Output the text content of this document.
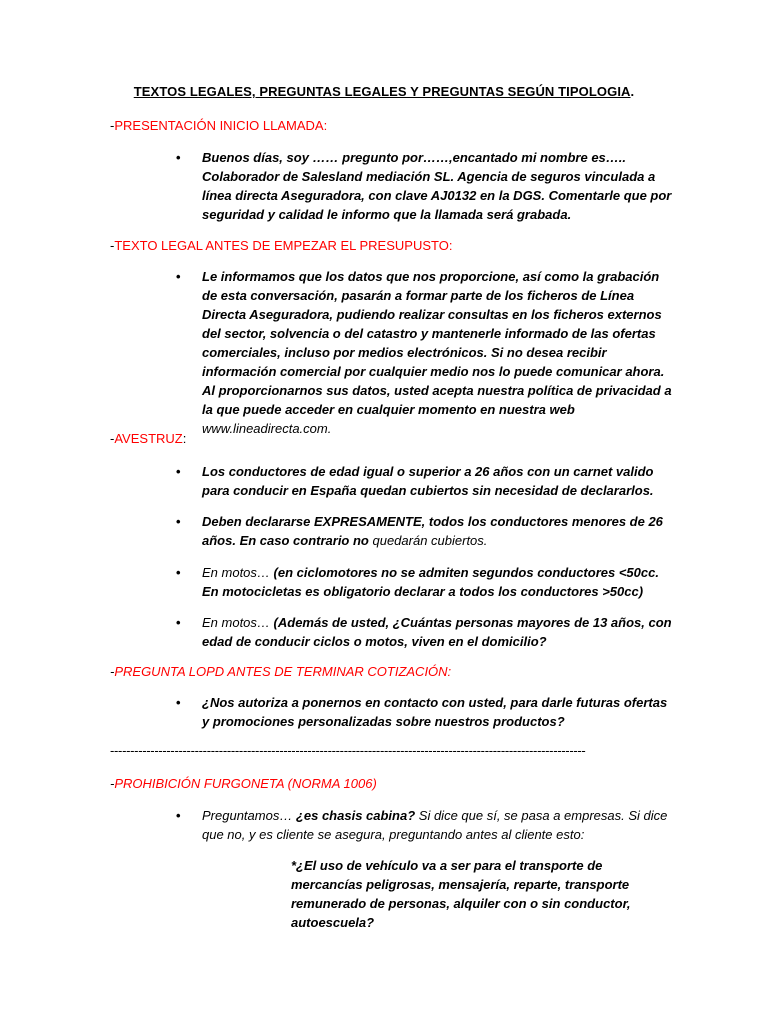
TEXTOS LEGALES, PREGUNTAS LEGALES Y PREGUNTAS SEGÚN TIPOLOGIA.
-PRESENTACIÓN INICIO LLAMADA:
• Buenos días, soy …… pregunto por……,encantado mi nombre es….. Colaborador de Salesland mediación SL. Agencia de seguros vinculada a línea directa Aseguradora, con clave AJ0132 en la DGS. Comentarle que por seguridad y calidad le informo que la llamada será grabada.
-TEXTO LEGAL ANTES DE EMPEZAR EL PRESUPUSTO:
• Le informamos que los datos que nos proporcione, así como la grabación de esta conversación, pasarán a formar parte de los ficheros de Línea Directa Aseguradora, pudiendo realizar consultas en los ficheros externos del sector, solvencia o del catastro y mantenerle informado de las ofertas comerciales, incluso por medios electrónicos. Si no desea recibir información comercial por cualquier medio nos lo puede comunicar ahora. Al proporcionarnos sus datos, usted acepta nuestra política de privacidad a la que puede acceder en cualquier momento en nuestra web www.lineadirecta.com.
-AVESTRUZ:
• Los conductores de edad igual o superior a 26 años con un carnet valido para conducir en España quedan cubiertos sin necesidad de declararlos.
• Deben declararse EXPRESAMENTE, todos los conductores menores de 26 años. En caso contrario no quedarán cubiertos.
• En motos… (en ciclomotores no se admiten segundos conductores <50cc. En motocicletas es obligatorio declarar a todos los conductores >50cc)
• En motos… (Además de usted, ¿Cuántas personas mayores de 13 años, con edad de conducir ciclos o motos, viven en el domicilio?
-PREGUNTA LOPD ANTES DE TERMINAR COTIZACIÓN:
• ¿Nos autoriza a ponernos en contacto con usted, para darle futuras ofertas y promociones personalizadas sobre nuestros productos?
----------------------------------------------------------------------------------------------------------------------
-PROHIBICIÓN FURGONETA (NORMA 1006)
• Preguntamos… ¿es chasis cabina? Si dice que sí, se pasa a empresas. Si dice que no, y es cliente se asegura, preguntando antes al cliente esto:
*¿El uso de vehículo va a ser para el transporte de mercancías peligrosas, mensajería, reparte, transporte remunerado de personas, alquiler con o sin conductor, autoescuela?
